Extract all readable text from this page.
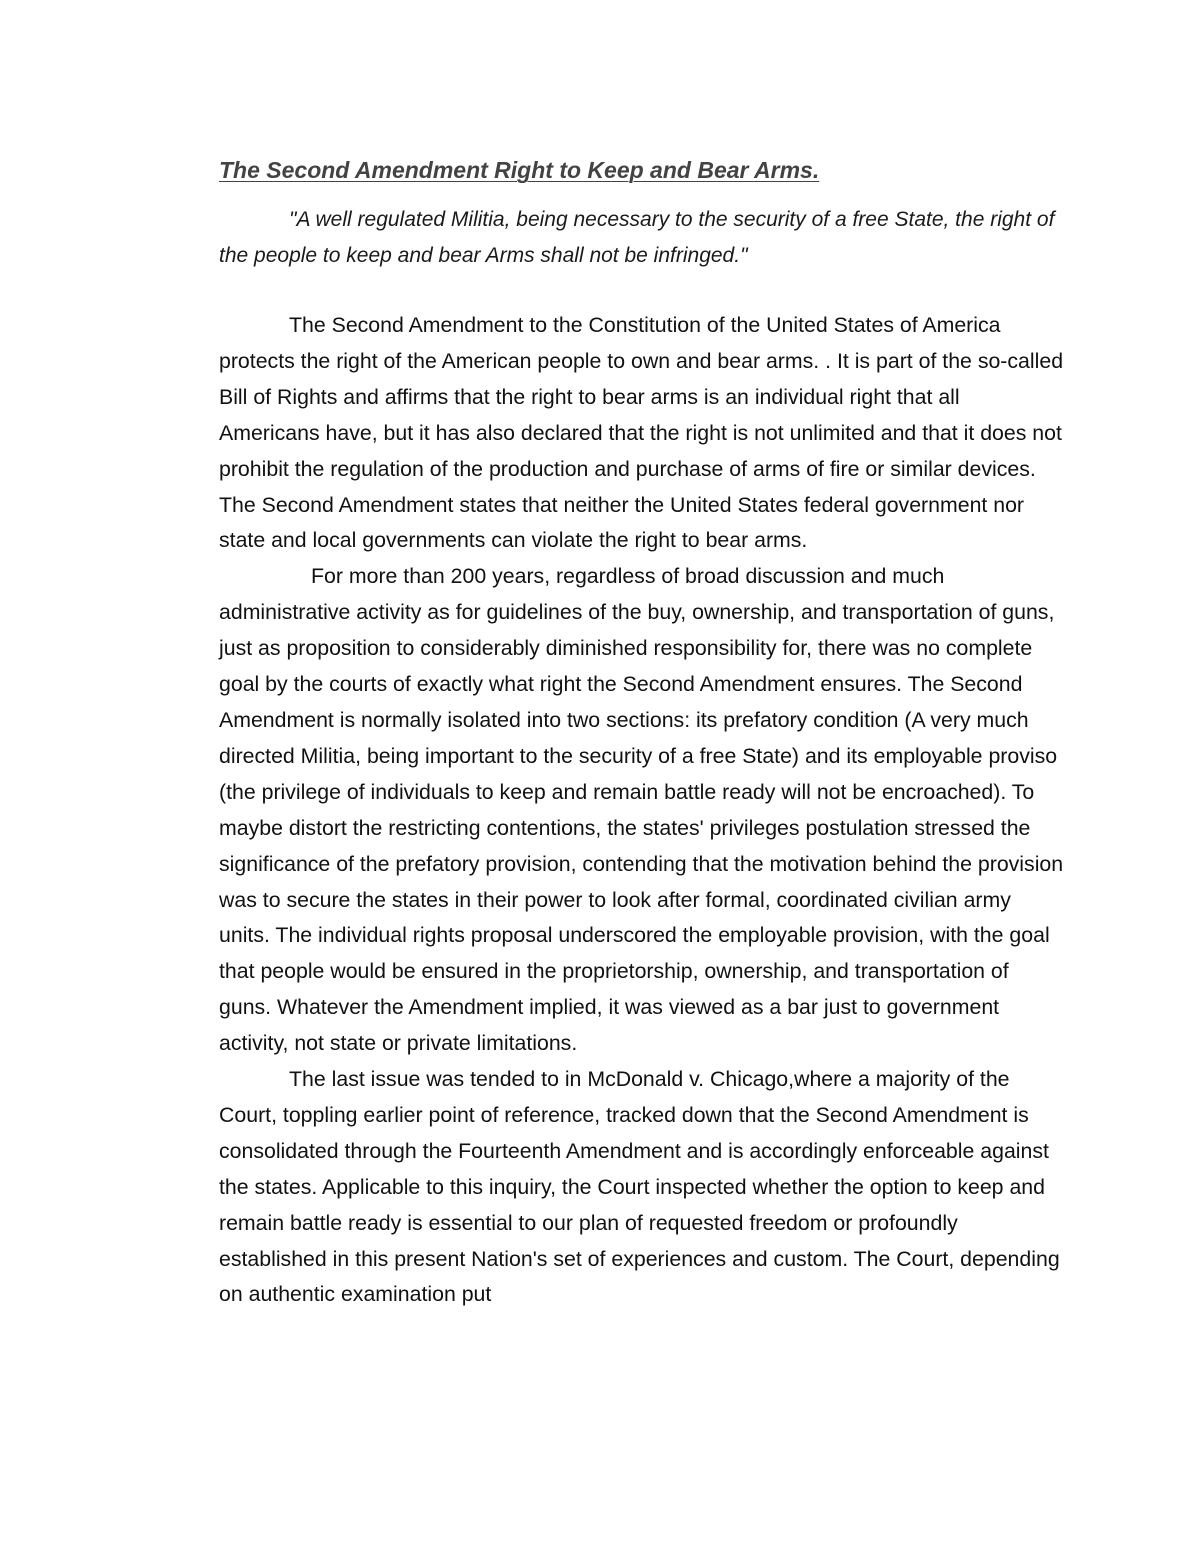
The Second Amendment Right to Keep and Bear Arms.

"A well regulated Militia, being necessary to the security of a free State, the right of the people to keep and bear Arms shall not be infringed."

The Second Amendment to the Constitution of the United States of America protects the right of the American people to own and bear arms. . It is part of the so-called Bill of Rights and affirms that the right to bear arms is an individual right that all Americans have, but it has also declared that the right is not unlimited and that it does not prohibit the regulation of the production and purchase of arms of fire or similar devices. The Second Amendment states that neither the United States federal government nor state and local governments can violate the right to bear arms.

For more than 200 years, regardless of broad discussion and much administrative activity as for guidelines of the buy, ownership, and transportation of guns, just as proposition to considerably diminished responsibility for, there was no complete goal by the courts of exactly what right the Second Amendment ensures. The Second Amendment is normally isolated into two sections: its prefatory condition (A very much directed Militia, being important to the security of a free State) and its employable proviso (the privilege of individuals to keep and remain battle ready will not be encroached). To maybe distort the restricting contentions, the states' privileges postulation stressed the significance of the prefatory provision, contending that the motivation behind the provision was to secure the states in their power to look after formal, coordinated civilian army units. The individual rights proposal underscored the employable provision, with the goal that people would be ensured in the proprietorship, ownership, and transportation of guns. Whatever the Amendment implied, it was viewed as a bar just to government activity, not state or private limitations.

The last issue was tended to in McDonald v. Chicago,where a majority of the Court, toppling earlier point of reference, tracked down that the Second Amendment is consolidated through the Fourteenth Amendment and is accordingly enforceable against the states. Applicable to this inquiry, the Court inspected whether the option to keep and remain battle ready is essential to our plan of requested freedom or profoundly established in this present Nation's set of experiences and custom. The Court, depending on authentic examination put
